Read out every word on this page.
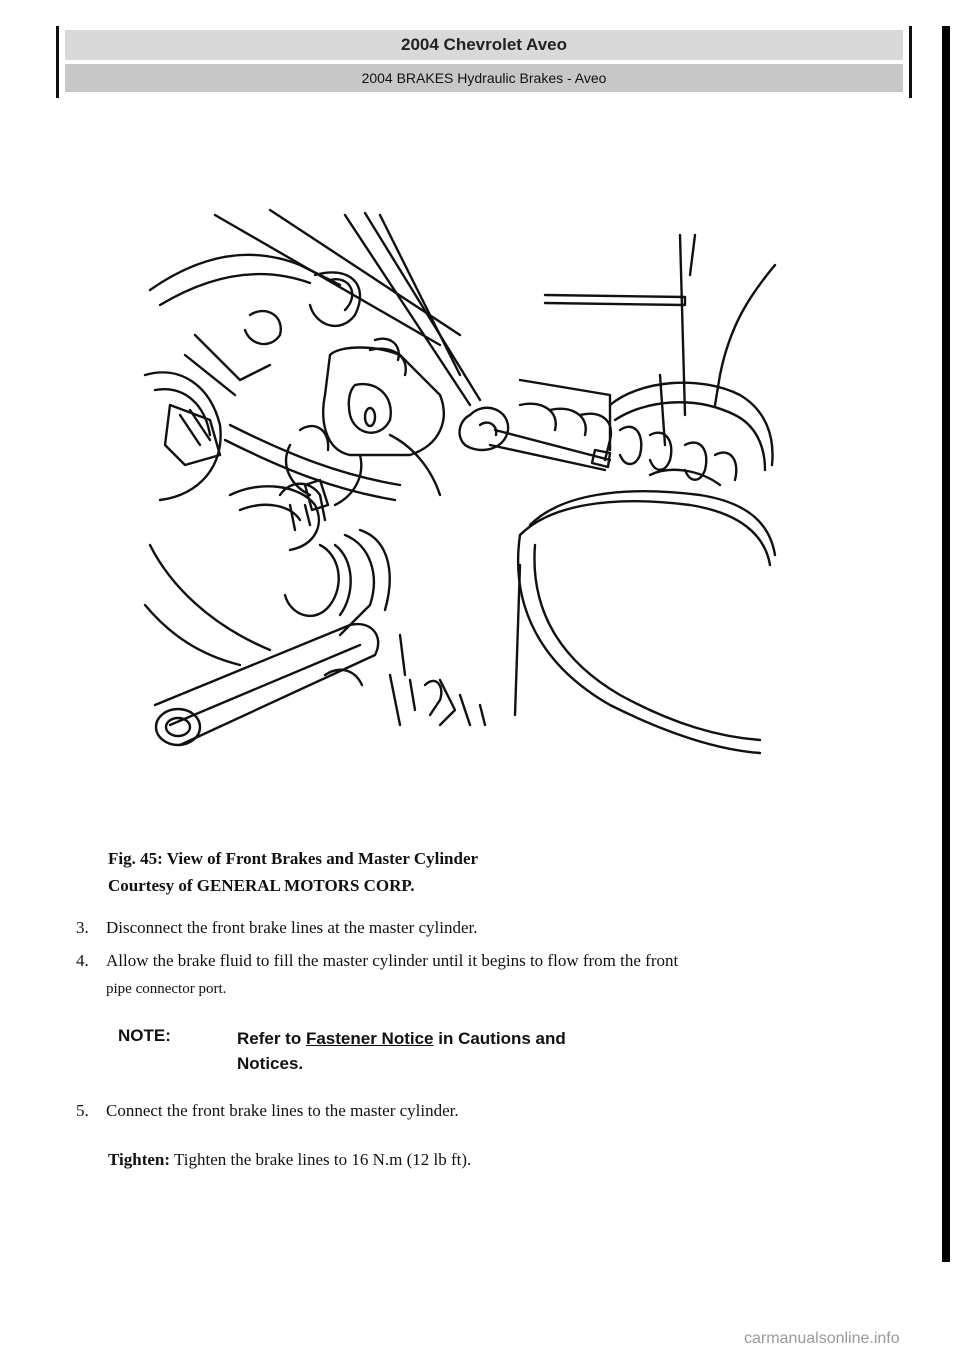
2004 Chevrolet Aveo
2004 BRAKES Hydraulic Brakes - Aveo
Fig. 45: View of Front Brakes and Master Cylinder
Courtesy of GENERAL MOTORS CORP.
3.	Disconnect the front brake lines at the master cylinder.
4.	Allow the brake fluid to fill the master cylinder until it begins to flow from the front
pipe connector port.
NOTE:	Refer to Fastener Notice in Cautions and
Notices.
5.	Connect the front brake lines to the master cylinder.
Tighten: Tighten the brake lines to 16 N.m (12 lb ft).
carmanualsonline.info
